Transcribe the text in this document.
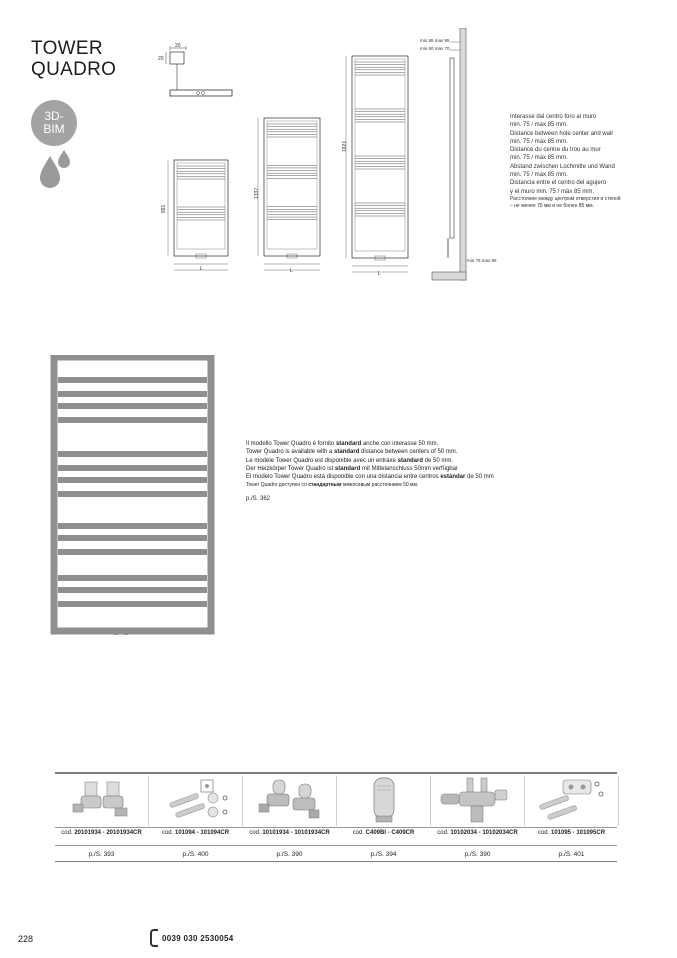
TOWER
QUADRO
3D-
BIM
20
20
891
L
1337
L
1621
L
min 85 max 95
min 60 max 70
min 75 max 85
Interasse dal centro foro al muro
min. 75 / max 85 mm.
Distance between hole center and wall
min. 75 / max 85 mm.
Distance du centre du trou au mur
min. 75 / max 85 mm.
Abstand zwischen Lochmitte und Wand
min. 75 / max 85 mm.
Distancia entre el centro del agujero
y el muro min. 75 / máx 85 mm.
Расстояние между центром отверстия и стеной
– не менее 75 мм и не более 85 мм.
Il modello Tower Quadro è fornito standard anche con interasse 50 mm.
Tower Quadro is available with a standard distance between centers of 50 mm.
Le modèle Tower Quadro est disponible avec un entraxe standard de 50 mm.
Der Heizkörper Tower Quadro ist standard mit Mittelanschluss 50mm verfügbar
El modelo Tower Quadro está disponible con una distancia entre centros estándar de 50 mm
Tower Quadro доступен со стандартным межосевым расстоянием 50 мм.
p./S. 362
cod. 20101934 - 20101934CR	cod. 101094 - 101094CR	cod. 10101934 - 10101934CR	cod. C409BI - C409CR	cod. 10102034 - 10102034CR	cod. 101095 - 101095CR
p./S. 393	p./S. 400	p./S. 390	p./S. 394	p./S. 390	p./S. 401
228	0039 030 2530054
